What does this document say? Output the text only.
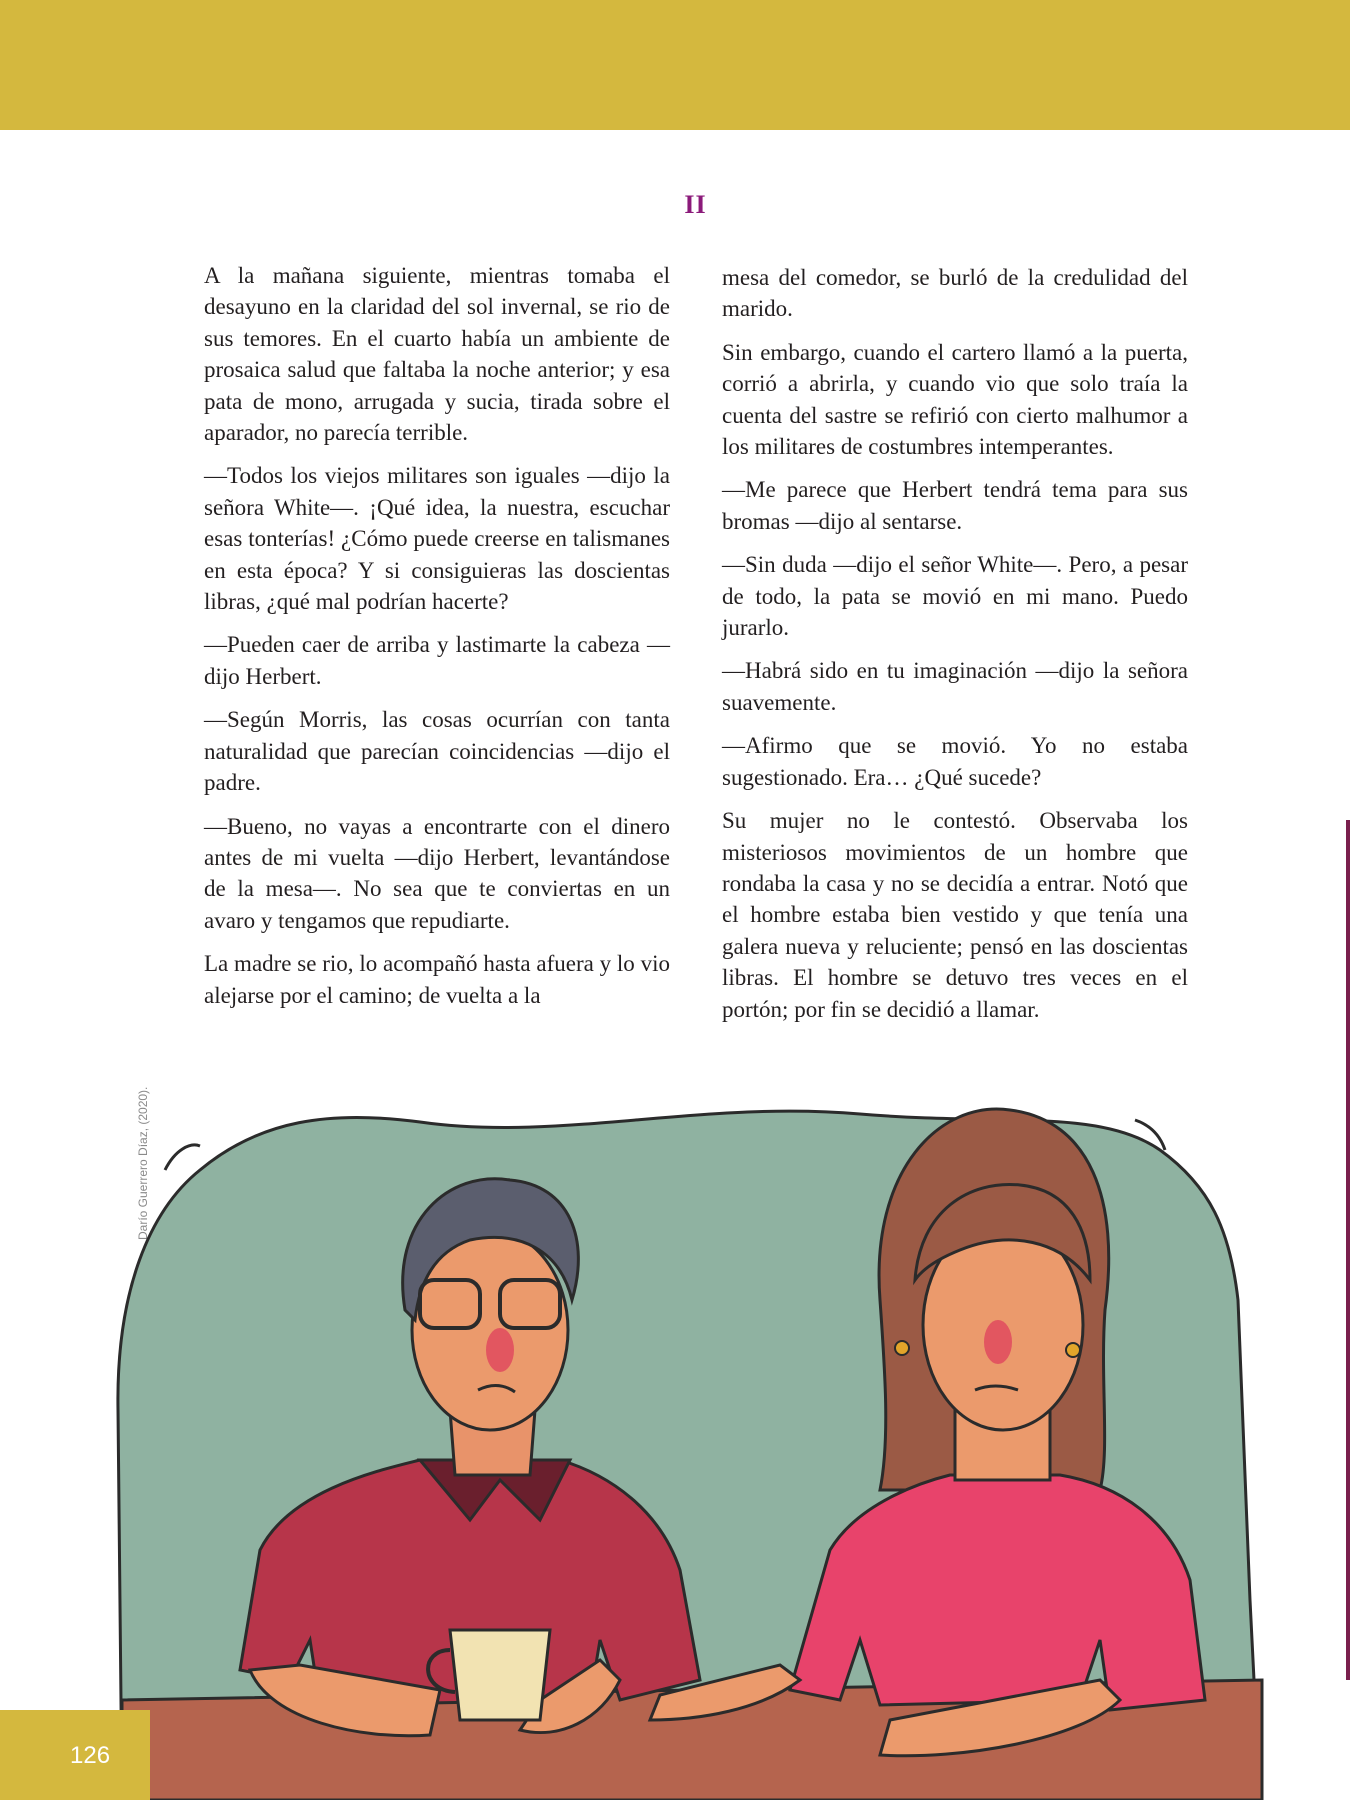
II

A la mañana siguiente, mientras tomaba el desayuno en la claridad del sol invernal, se rio de sus temores. En el cuarto había un ambiente de prosaica salud que faltaba la noche anterior; y esa pata de mono, arrugada y sucia, tirada sobre el aparador, no parecía terrible.

—Todos los viejos militares son iguales —dijo la señora White—. ¡Qué idea, la nuestra, escuchar esas tonterías! ¿Cómo puede creerse en talismanes en esta época? Y si consiguieras las doscientas libras, ¿qué mal podrían hacerte?

—Pueden caer de arriba y lastimarte la cabeza —dijo Herbert.

—Según Morris, las cosas ocurrían con tanta naturalidad que parecían coincidencias —dijo el padre.

—Bueno, no vayas a encontrarte con el dinero antes de mi vuelta —dijo Herbert, levantándose de la mesa—. No sea que te conviertas en un avaro y tengamos que repudiarte.

La madre se rio, lo acompañó hasta afuera y lo vio alejarse por el camino; de vuelta a la

mesa del comedor, se burló de la credulidad del marido.

Sin embargo, cuando el cartero llamó a la puerta, corrió a abrirla, y cuando vio que solo traía la cuenta del sastre se refirió con cierto malhumor a los militares de costumbres intemperantes.

—Me parece que Herbert tendrá tema para sus bromas —dijo al sentarse.

—Sin duda —dijo el señor White—. Pero, a pesar de todo, la pata se movió en mi mano. Puedo jurarlo.

—Habrá sido en tu imaginación —dijo la señora suavemente.

—Afirmo que se movió. Yo no estaba sugestionado. Era… ¿Qué sucede?

Su mujer no le contestó. Observaba los misteriosos movimientos de un hombre que rondaba la casa y no se decidía a entrar. Notó que el hombre estaba bien vestido y que tenía una galera nueva y reluciente; pensó en las doscientas libras. El hombre se detuvo tres veces en el portón; por fin se decidió a llamar.

Darío Guerrero Díaz, (2020).
126
